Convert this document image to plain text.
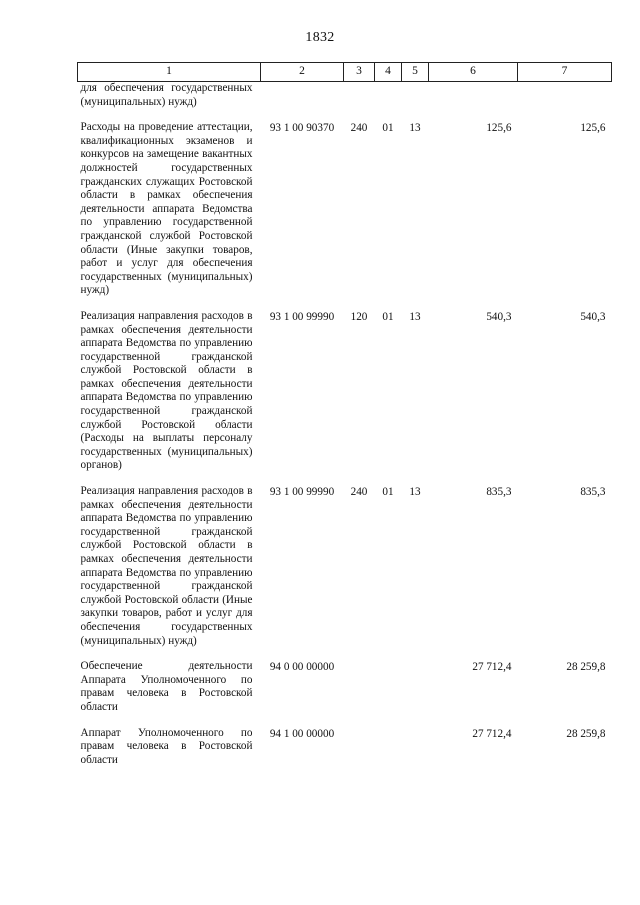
1832
1	2	3	4	5	6	7
для обеспечения государственных (муниципальных) нужд)						

Расходы на проведение аттестации, квалификационных экзаменов и конкурсов на замещение вакантных должностей государственных гражданских служащих Ростовской области в рамках обеспечения деятельности аппарата Ведомства по управлению государственной гражданской службой Ростовской области (Иные закупки товаров, работ и услуг для обеспечения государственных (муниципальных) нужд)	93 1 00 90370	240	01	13	125,6	125,6

Реализация направления расходов в рамках обеспечения деятельности аппарата Ведомства по управлению государственной гражданской службой Ростовской области в рамках обеспечения деятельности аппарата Ведомства по управлению государственной гражданской службой Ростовской области (Расходы на выплаты персоналу государственных (муниципальных) органов)	93 1 00 99990	120	01	13	540,3	540,3

Реализация направления расходов в рамках обеспечения деятельности аппарата Ведомства по управлению государственной гражданской службой Ростовской области в рамках обеспечения деятельности аппарата Ведомства по управлению государственной гражданской службой Ростовской области (Иные закупки товаров, работ и услуг для обеспечения государственных (муниципальных) нужд)	93 1 00 99990	240	01	13	835,3	835,3

Обеспечение деятельности Аппарата Уполномоченного по правам человека в Ростовской области	94 0 00 00000				27 712,4	28 259,8

Аппарат Уполномоченного по правам человека в Ростовской области	94 1 00 00000				27 712,4	28 259,8
